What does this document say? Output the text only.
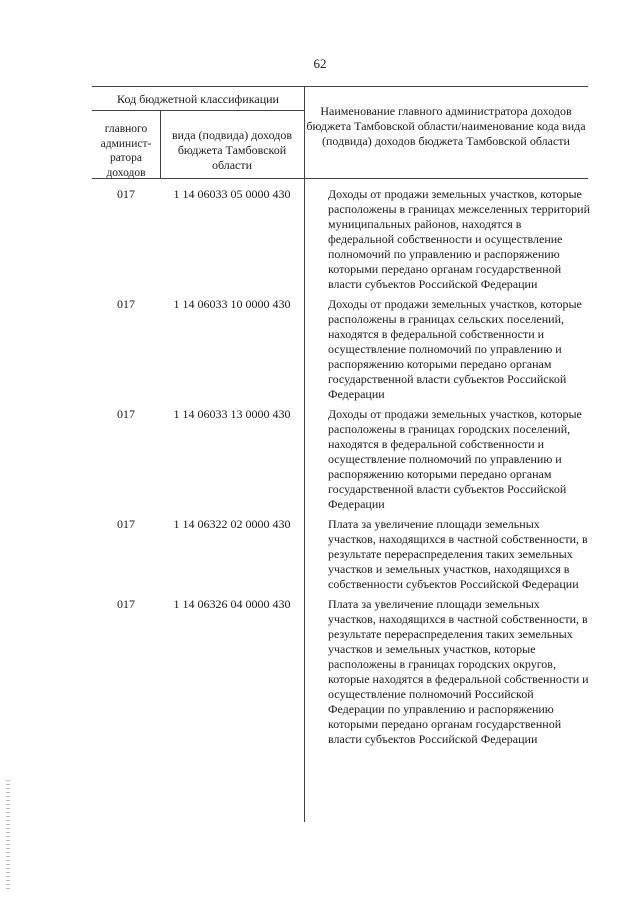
62
Код бюджетной классификации
главного админист-ратора доходов
вида (подвида) доходов бюджета Тамбовской области
Наименование главного администратора доходов бюджета Тамбовской области/наименование кода вида (подвида) доходов бюджета Тамбовской области
017	1 14 06033 05 0000 430	Доходы от продажи земельных участков, которые расположены в границах межселенных территорий муниципальных районов, находятся в федеральной собственности и осуществление полномочий по управлению и распоряжению которыми передано органам государственной власти субъектов Российской Федерации
017	1 14 06033 10 0000 430	Доходы от продажи земельных участков, которые расположены в границах сельских поселений, находятся в федеральной собственности и осуществление полномочий по управлению и распоряжению которыми передано органам государственной власти субъектов Российской Федерации
017	1 14 06033 13 0000 430	Доходы от продажи земельных участков, которые расположены в границах городских поселений, находятся в федеральной собственности и осуществление полномочий по управлению и распоряжению которыми передано органам государственной власти субъектов Российской Федерации
017	1 14 06322 02 0000 430	Плата за увеличение площади земельных участков, находящихся в частной собственности, в результате перераспределения таких земельных участков и земельных участков, находящихся в собственности субъектов Российской Федерации
017	1 14 06326 04 0000 430	Плата за увеличение площади земельных участков, находящихся в частной собственности, в результате перераспределения таких земельных участков и земельных участков, которые расположены в границах городских округов, которые находятся в федеральной собственности и осуществление полномочий Российской Федерации по управлению и распоряжению которыми передано органам государственной власти субъектов Российской Федерации
